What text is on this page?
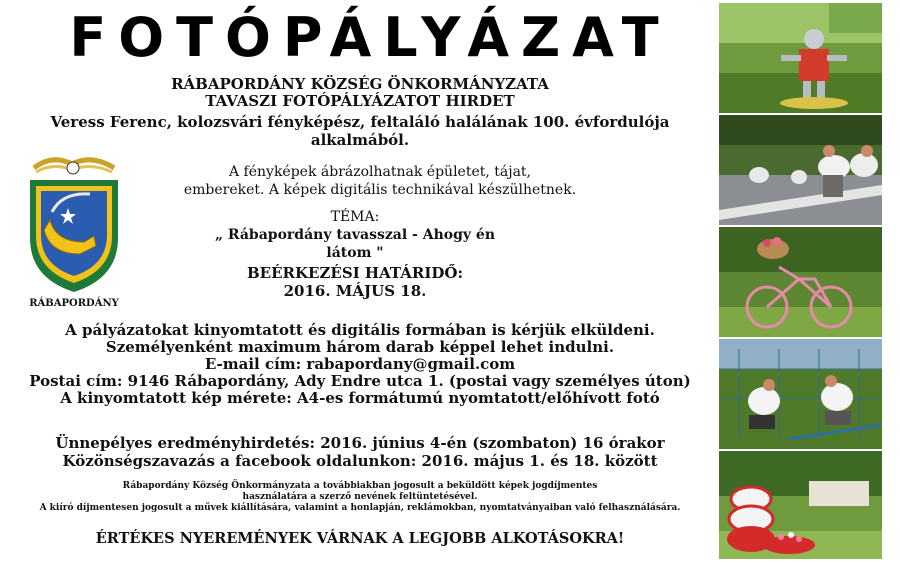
FOTÓPÁLYÁZAT
RÁBAPORDÁNY KÖZSÉG ÖNKORMÁNYZATA
TAVASZI FOTÓPÁLYÁZATOT HIRDET
Veress Ferenc, kolozsvári fényképész, feltaláló halálának 100. évfordulója
alkalmából.
A fényképek ábrázolhatnak épületet, tájat,
embereket. A képek digitális technikával készülhetnek.
TÉMA:
„ Rábapordány tavasszal - Ahogy én látom "
BEÉRKEZÉSI HATÁRIDŐ:
2016. MÁJUS 18.
A pályázatokat kinyomtatott és digitális formában is kérjük elküldeni.
Személyenként maximum három darab képpel lehet indulni.
E-mail cím: rabapordany@gmail.com
Postai cím: 9146 Rábapordány, Ady Endre utca 1. (postai vagy személyes úton)
A kinyomtatott kép mérete: A4-es formátumú nyomtatott/előhívott fotó
Ünnepélyes eredményhirdetés: 2016. június 4-én (szombaton) 16 órakor
Közönségszavazás a facebook oldalunkon: 2016. május 1. és 18. között
Rábapordány Község Önkormányzata a továbbiakban jogosult a beküldött képek jogdíjmentes
használatára a szerző nevének feltüntetésével.
A kiíró díjmentesen jogosult a művek kiállítására, valamint a honlapján, reklámokban, nyomtatványaiban való felhasználására.
ÉRTÉKES NYEREMÉNYEK VÁRNAK A LEGJOBB ALKOTÁSOKRA!
RÁBAPORDÁNY
